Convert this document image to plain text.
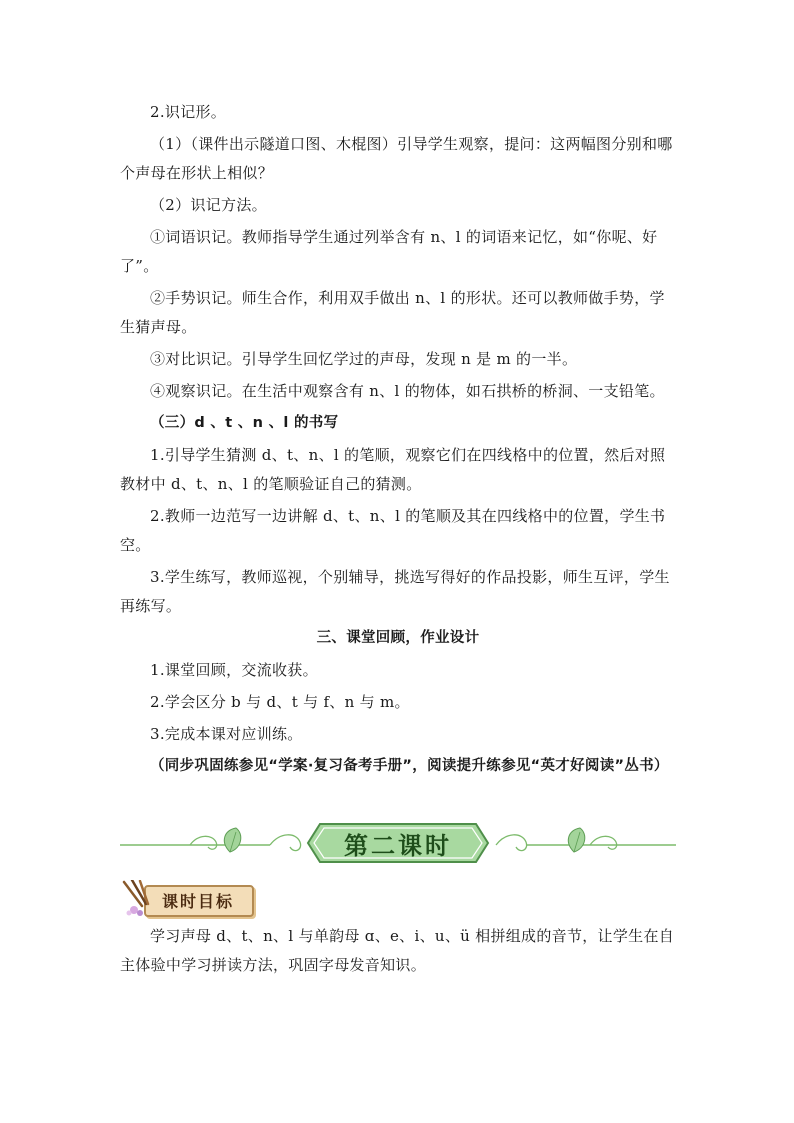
2.识记形。

（1）（课件出示隧道口图、木棍图）引导学生观察，提问：这两幅图分别和哪个声母在形状上相似？

（2）识记方法。

①词语识记。教师指导学生通过列举含有 n、l 的词语来记忆，如“你呢、好了”。

②手势识记。师生合作，利用双手做出 n、l 的形状。还可以教师做手势，学生猜声母。

③对比识记。引导学生回忆学过的声母，发现 n 是 m 的一半。

④观察识记。在生活中观察含有 n、l 的物体，如石拱桥的桥洞、一支铅笔。

（三）d 、t 、n 、l 的书写

1.引导学生猜测 d、t、n、l 的笔顺，观察它们在四线格中的位置，然后对照教材中 d、t、n、l 的笔顺验证自己的猜测。

2.教师一边范写一边讲解 d、t、n、l 的笔顺及其在四线格中的位置，学生书空。

3.学生练写，教师巡视，个别辅导，挑选写得好的作品投影，师生互评，学生再练写。

三、课堂回顾，作业设计

1.课堂回顾，交流收获。

2.学会区分 b 与 d、t 与 f、n 与 m。

3.完成本课对应训练。

（同步巩固练参见“学案·复习备考手册”，阅读提升练参见“英才好阅读”丛书）

第二课时
课时目标

学习声母 d、t、n、l 与单韵母 ɑ、e、i、u、ü 相拼组成的音节，让学生在自主体验中学习拼读方法，巩固字母发音知识。
